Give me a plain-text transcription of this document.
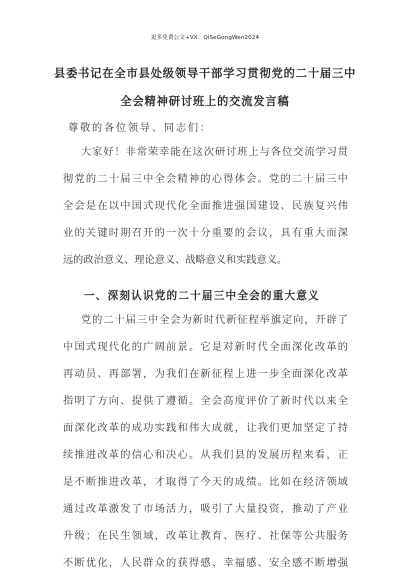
更多免费公文+VX：QiSeGongWen2024
县委书记在全市县处级领导干部学习贯彻党的二十届三中
全会精神研讨班上的交流发言稿
尊敬的各位领导、同志们：
大家好！非常荣幸能在这次研讨班上与各位交流学习贯
彻党的二十届三中全会精神的心得体会。党的二十届三中
全会是在以中国式现代化全面推进强国建设、民族复兴伟
业的关键时期召开的一次十分重要的会议，具有重大而深
远的政治意义、理论意义、战略意义和实践意义。
一、深刻认识党的二十届三中全会的重大意义
党的二十届三中全会为新时代新征程举旗定向，开辟了
中国式现代化的广阔前景。它是对新时代全面深化改革的
再动员、再部署，为我们在新征程上进一步全面深化改革
指明了方向、提供了遵循。全会高度评价了新时代以来全
面深化改革的成功实践和伟大成就，让我们更加坚定了持
续推进改革的信心和决心。从我们县的发展历程来看，正
是不断推进改革，才取得了今天的成绩。比如在经济领域
通过改革激发了市场活力，吸引了大量投资，推动了产业
升级；在民生领域，改革让教育、医疗、社保等公共服务
不断优化，人民群众的获得感、幸福感、安全感不断增强
